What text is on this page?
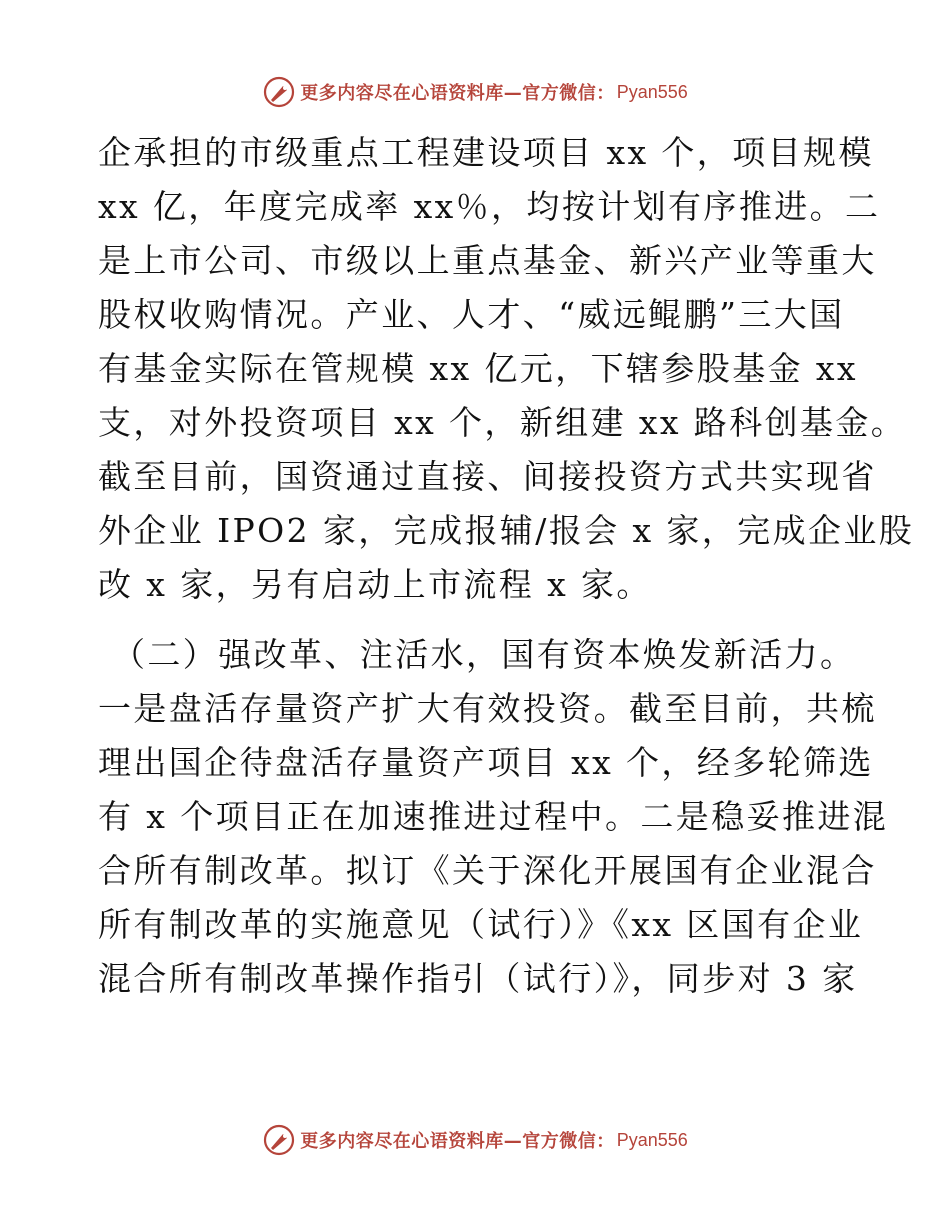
更多内容尽在心语资料库—官方微信： Pyan556
企承担的市级重点工程建设项目 xx 个，项目规模
xx 亿，年度完成率 xx％，均按计划有序推进。二
是上市公司、市级以上重点基金、新兴产业等重大
股权收购情况。产业、人才、“威远鲲鹏”三大国
有基金实际在管规模 xx 亿元，下辖参股基金 xx
支，对外投资项目 xx 个，新组建 xx 路科创基金。
截至目前，国资通过直接、间接投资方式共实现省
外企业 IPO2 家，完成报辅/报会 x 家，完成企业股
改 x 家，另有启动上市流程 x 家。
（二）强改革、注活水，国有资本焕发新活力。
一是盘活存量资产扩大有效投资。截至目前，共梳
理出国企待盘活存量资产项目 xx 个，经多轮筛选
有 x 个项目正在加速推进过程中。二是稳妥推进混
合所有制改革。拟订《关于深化开展国有企业混合
所有制改革的实施意见（试行）》《xx 区国有企业
混合所有制改革操作指引（试行）》，同步对 3 家
更多内容尽在心语资料库—官方微信： Pyan556
